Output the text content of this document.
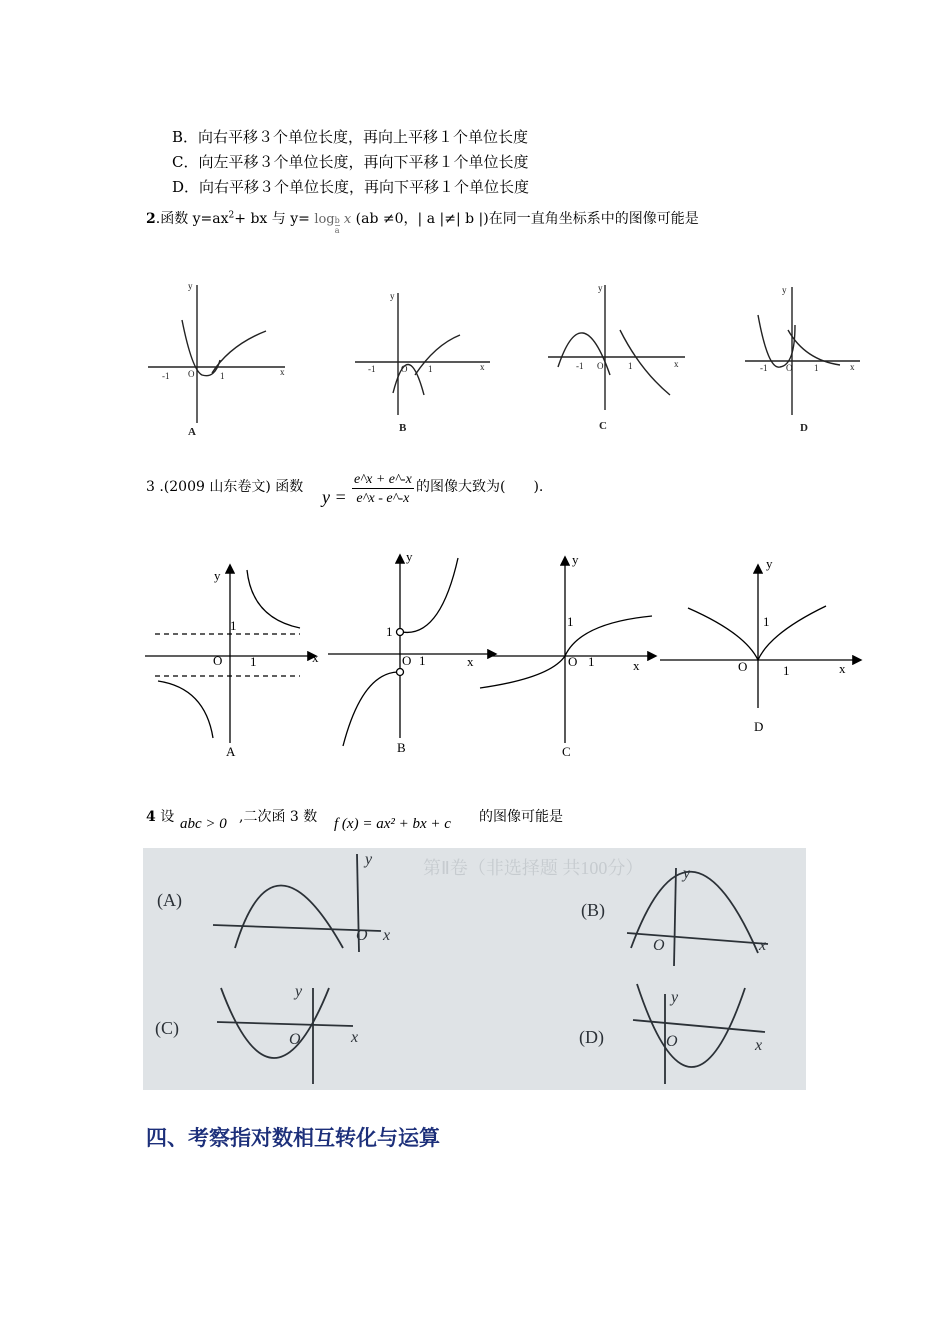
B．向右平移３个单位长度，再向上平移１个单位长度
C．向左平移３个单位长度，再向下平移１个单位长度
D．向右平移３个单位长度，再向下平移１个单位长度
2.函数 $y=ax^2+$ bx 与 $y= \log \frac{b}{a}$ x (ab ≠0，| a |≠| b |)在同一直角坐标系中的图像可能是
y
x
-1 O	1
y
x
-1	O 1
y
x
-1 O	1
y
x
-1 O 1
A	B	C	D
3 .(2009 山东卷文) 函数 $y = \frac{e\^{}x + e\^{}-x}{e\^{}x - e\^{}-x}$ 的图像大致为(　　).
y
x
1
O 1
A
y
x
1
O 1
B
y
x
1
O 1
C
y
x
1
O	1
D
4 设 abc > 0 ,二次函 3 数 f (x) = ax² + bx + c 的图像可能是
第Ⅱ卷（非选择题 共100分）
(A)	(B)
(C)	(D)
y
x
O
y
x
O
y
x
O
y
x
O
四、考察指对数相互转化与运算
